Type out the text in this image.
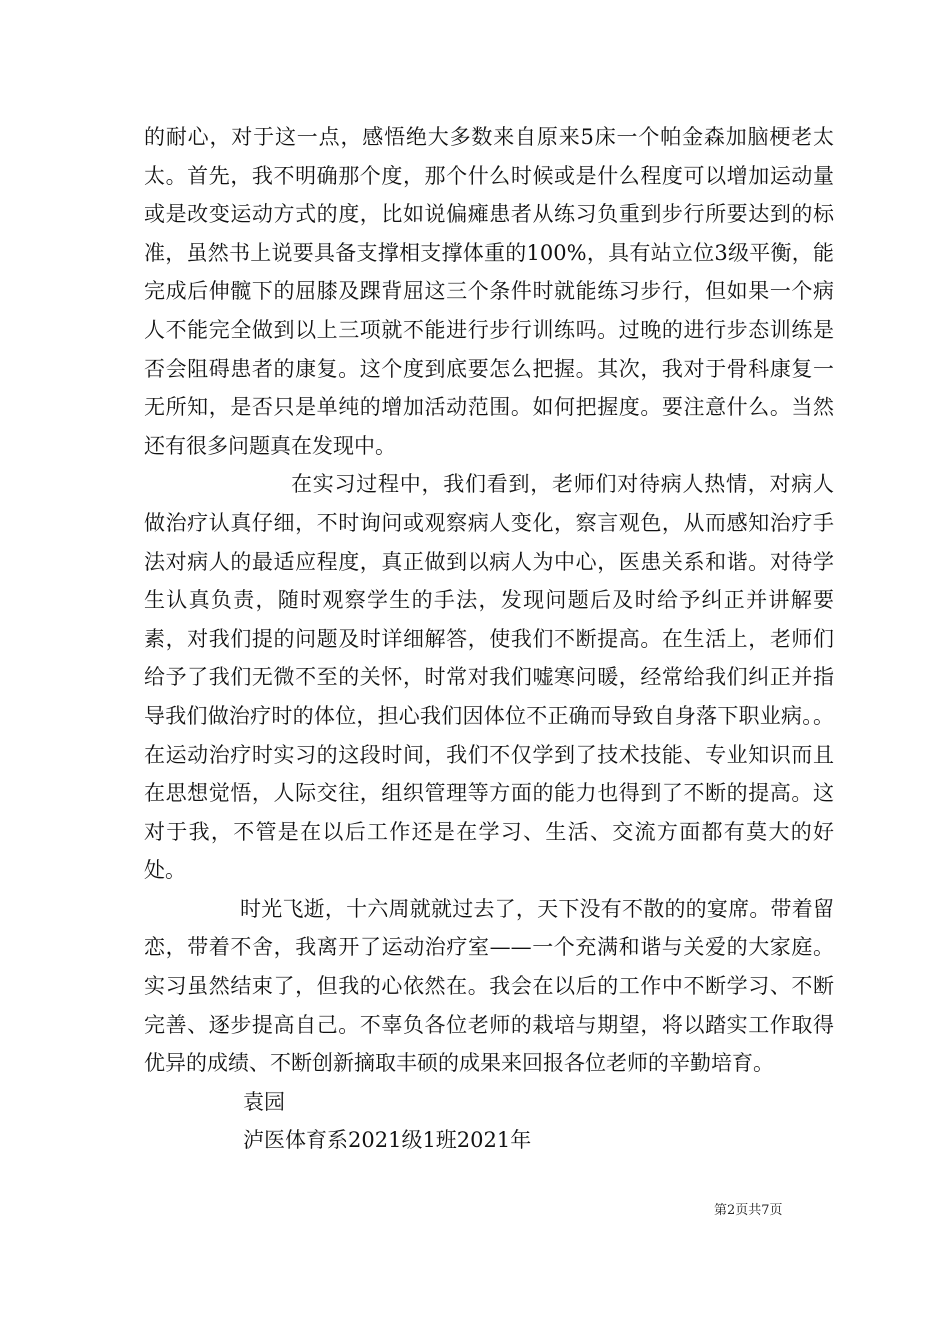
的耐心，对于这一点，感悟绝大多数来自原来5床一个帕金森加脑梗老太太。首先，我不明确那个度，那个什么时候或是什么程度可以增加运动量或是改变运动方式的度，比如说偏瘫患者从练习负重到步行所要达到的标准，虽然书上说要具备支撑相支撑体重的100%，具有站立位3级平衡，能完成后伸髋下的屈膝及踝背屈这三个条件时就能练习步行，但如果一个病人不能完全做到以上三项就不能进行步行训练吗。过晚的进行步态训练是否会阻碍患者的康复。这个度到底要怎么把握。其次，我对于骨科康复一无所知，是否只是单纯的增加活动范围。如何把握度。要注意什么。当然还有很多问题真在发现中。

在实习过程中，我们看到，老师们对待病人热情，对病人做治疗认真仔细，不时询问或观察病人变化，察言观色，从而感知治疗手法对病人的最适应程度，真正做到以病人为中心，医患关系和谐。对待学生认真负责，随时观察学生的手法，发现问题后及时给予纠正并讲解要素，对我们提的问题及时详细解答，使我们不断提高。在生活上，老师们给予了我们无微不至的关怀，时常对我们嘘寒问暖，经常给我们纠正并指导我们做治疗时的体位，担心我们因体位不正确而导致自身落下职业病。。在运动治疗时实习的这段时间，我们不仅学到了技术技能、专业知识而且在思想觉悟，人际交往，组织管理等方面的能力也得到了不断的提高。这对于我，不管是在以后工作还是在学习、生活、交流方面都有莫大的好处。

时光飞逝，十六周就就过去了，天下没有不散的的宴席。带着留恋，带着不舍，我离开了运动治疗室——一个充满和谐与关爱的大家庭。实习虽然结束了，但我的心依然在。我会在以后的工作中不断学习、不断完善、逐步提高自己。不辜负各位老师的栽培与期望，将以踏实工作取得优异的成绩、不断创新摘取丰硕的成果来回报各位老师的辛勤培育。

袁园

泸医体育系2021级1班2021年

第2页共7页
